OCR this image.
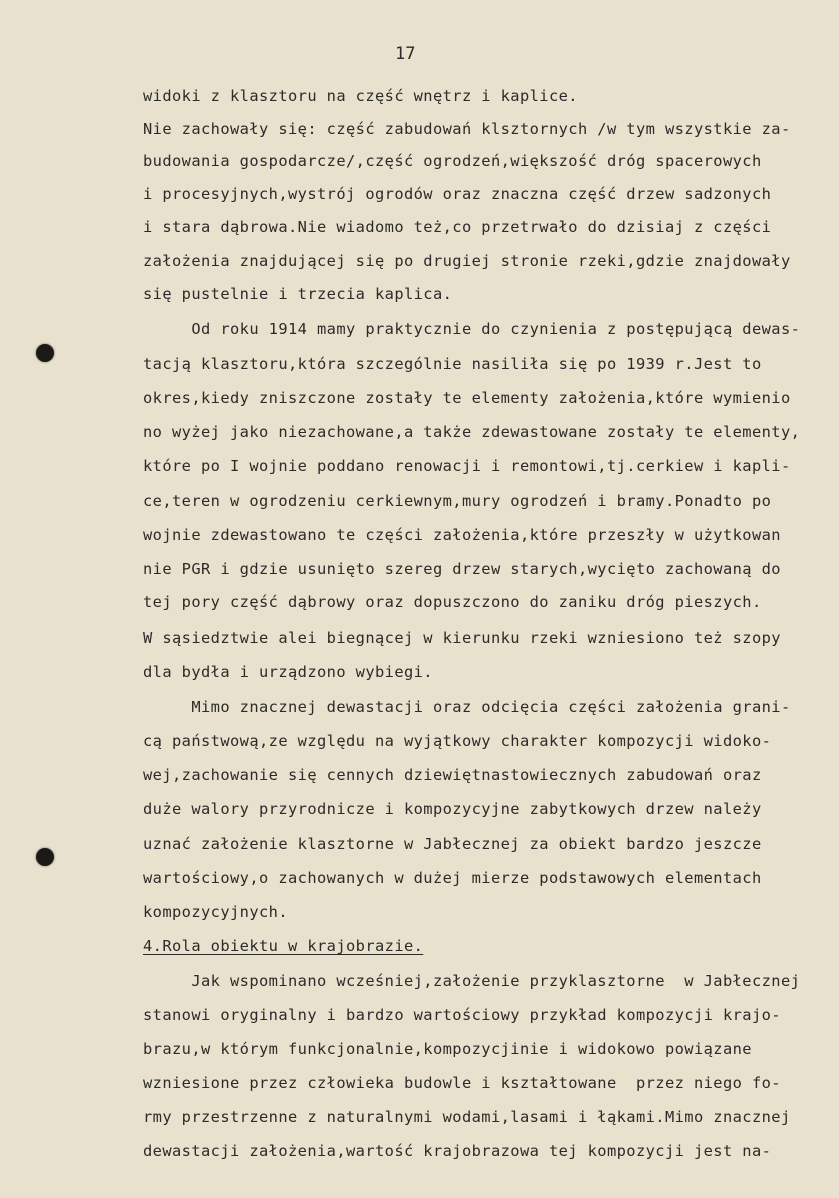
17
widoki z klasztoru na część wnętrz i kaplice.
Nie zachowały się: część zabudowań klsztornych /w tym wszystkie za-
budowania gospodarcze/,część ogrodzeń,większość dróg spacerowych
i procesyjnych,wystrój ogrodów oraz znaczna część drzew sadzonych
i stara dąbrowa.Nie wiadomo też,co przetrwało do dzisiaj z części
założenia znajdującej się po drugiej stronie rzeki,gdzie znajdowały
się pustelnie i trzecia kaplica.
Od roku 1914 mamy praktycznie do czynienia z postępującą dewas-
tacją klasztoru,która szczególnie nasiliła się po 1939 r.Jest to
okres,kiedy zniszczone zostały te elementy założenia,które wymienio
no wyżej jako niezachowane,a także zdewastowane zostały te elementy,
które po I wojnie poddano renowacji i remontowi,tj.cerkiew i kapli-
ce,teren w ogrodzeniu cerkiewnym,mury ogrodzeń i bramy.Ponadto po
wojnie zdewastowano te części założenia,które przeszły w użytkowan
nie PGR i gdzie usunięto szereg drzew starych,wycięto zachowaną do
tej pory część dąbrowy oraz dopuszczono do zaniku dróg pieszych.
W sąsiedztwie alei biegnącej w kierunku rzeki wzniesiono też szopy
dla bydła i urządzono wybiegi.
Mimo znacznej dewastacji oraz odcięcia części założenia grani-
cą państwową,ze względu na wyjątkowy charakter kompozycji widoko-
wej,zachowanie się cennych dziewiętnastowiecznych zabudowań oraz
duże walory przyrodnicze i kompozycyjne zabytkowych drzew należy
uznać założenie klasztorne w Jabłecznej za obiekt bardzo jeszcze
wartościowy,o zachowanych w dużej mierze podstawowych elementach
kompozycyjnych.
4.Rola obiektu w krajobrazie.
Jak wspominano wcześniej,założenie przyklasztorne  w Jabłecznej
stanowi oryginalny i bardzo wartościowy przykład kompozycji krajo-
brazu,w którym funkcjonalnie,kompozycjinie i widokowo powiązane
wzniesione przez człowieka budowle i kształtowane  przez niego fo-
rmy przestrzenne z naturalnymi wodami,lasami i łąkami.Mimo znacznej
dewastacji założenia,wartość krajobrazowa tej kompozycji jest na-
